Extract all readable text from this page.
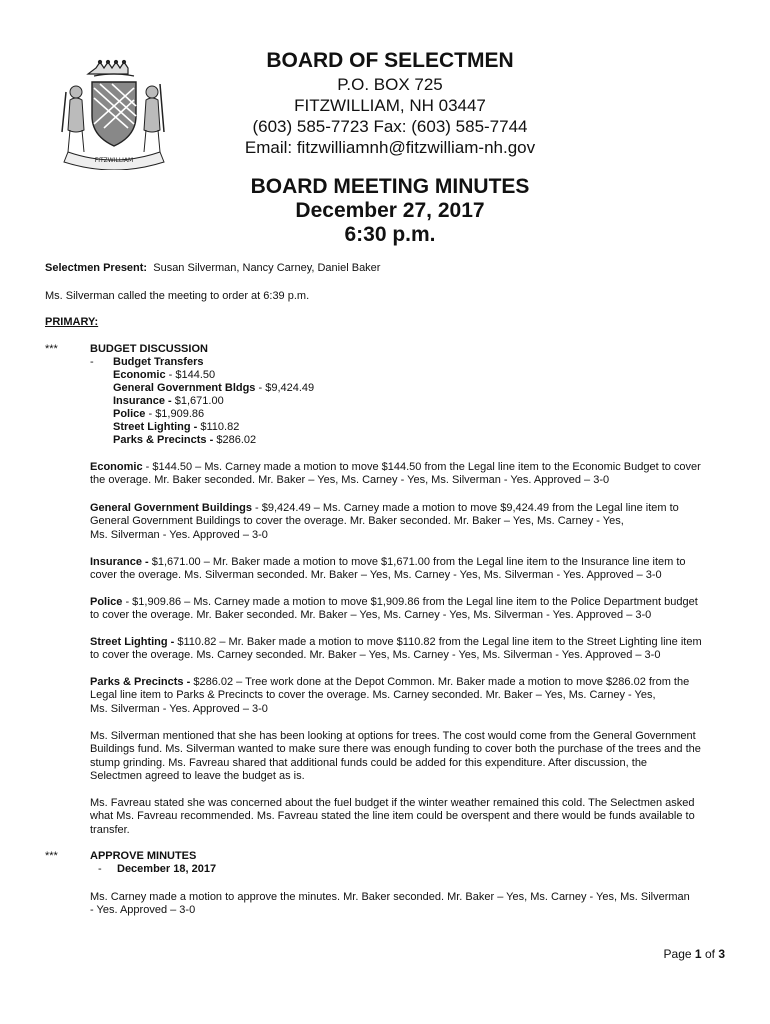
FITZWILLIAM
BOARD OF SELECTMEN
P.O. BOX 725
FITZWILLIAM, NH 03447
(603) 585-7723 Fax: (603) 585-7744
Email: fitzwilliamnh@fitzwilliam-nh.gov
BOARD MEETING MINUTES
December 27, 2017
6:30 p.m.
Selectmen Present: Susan Silverman, Nancy Carney, Daniel Baker
Ms. Silverman called the meeting to order at 6:39 p.m.
PRIMARY:
***	BUDGET DISCUSSION
- Budget Transfers
Economic - $144.50
General Government Bldgs - $9,424.49
Insurance - $1,671.00
Police - $1,909.86
Street Lighting - $110.82
Parks & Precincts - $286.02
Economic - $144.50 – Ms. Carney made a motion to move $144.50 from the Legal line item to the Economic Budget to cover
the overage. Mr. Baker seconded. Mr. Baker – Yes, Ms. Carney - Yes, Ms. Silverman - Yes. Approved – 3-0
General Government Buildings - $9,424.49 – Ms. Carney made a motion to move $9,424.49 from the Legal line item to
General Government Buildings to cover the overage. Mr. Baker seconded. Mr. Baker – Yes, Ms. Carney - Yes,
Ms. Silverman - Yes. Approved – 3-0
Insurance - $1,671.00 – Mr. Baker made a motion to move $1,671.00 from the Legal line item to the Insurance line item to
cover the overage. Ms. Silverman seconded. Mr. Baker – Yes, Ms. Carney - Yes, Ms. Silverman - Yes. Approved – 3-0
Police - $1,909.86 – Ms. Carney made a motion to move $1,909.86 from the Legal line item to the Police Department budget
to cover the overage. Mr. Baker seconded. Mr. Baker – Yes, Ms. Carney - Yes, Ms. Silverman - Yes. Approved – 3-0
Street Lighting - $110.82 – Mr. Baker made a motion to move $110.82 from the Legal line item to the Street Lighting line item
to cover the overage. Ms. Carney seconded. Mr. Baker – Yes, Ms. Carney - Yes, Ms. Silverman - Yes. Approved – 3-0
Parks & Precincts - $286.02 – Tree work done at the Depot Common. Mr. Baker made a motion to move $286.02 from the
Legal line item to Parks & Precincts to cover the overage. Ms. Carney seconded. Mr. Baker – Yes, Ms. Carney - Yes,
Ms. Silverman - Yes. Approved – 3-0
Ms. Silverman mentioned that she has been looking at options for trees. The cost would come from the General Government
Buildings fund. Ms. Silverman wanted to make sure there was enough funding to cover both the purchase of the trees and the
stump grinding. Ms. Favreau shared that additional funds could be added for this expenditure. After discussion, the
Selectmen agreed to leave the budget as is.
Ms. Favreau stated she was concerned about the fuel budget if the winter weather remained this cold. The Selectmen asked
what Ms. Favreau recommended. Ms. Favreau stated the line item could be overspent and there would be funds available to
transfer.
***	APPROVE MINUTES
- December 18, 2017
Ms. Carney made a motion to approve the minutes. Mr. Baker seconded. Mr. Baker – Yes, Ms. Carney - Yes, Ms. Silverman
- Yes. Approved – 3-0
Page 1 of 3
